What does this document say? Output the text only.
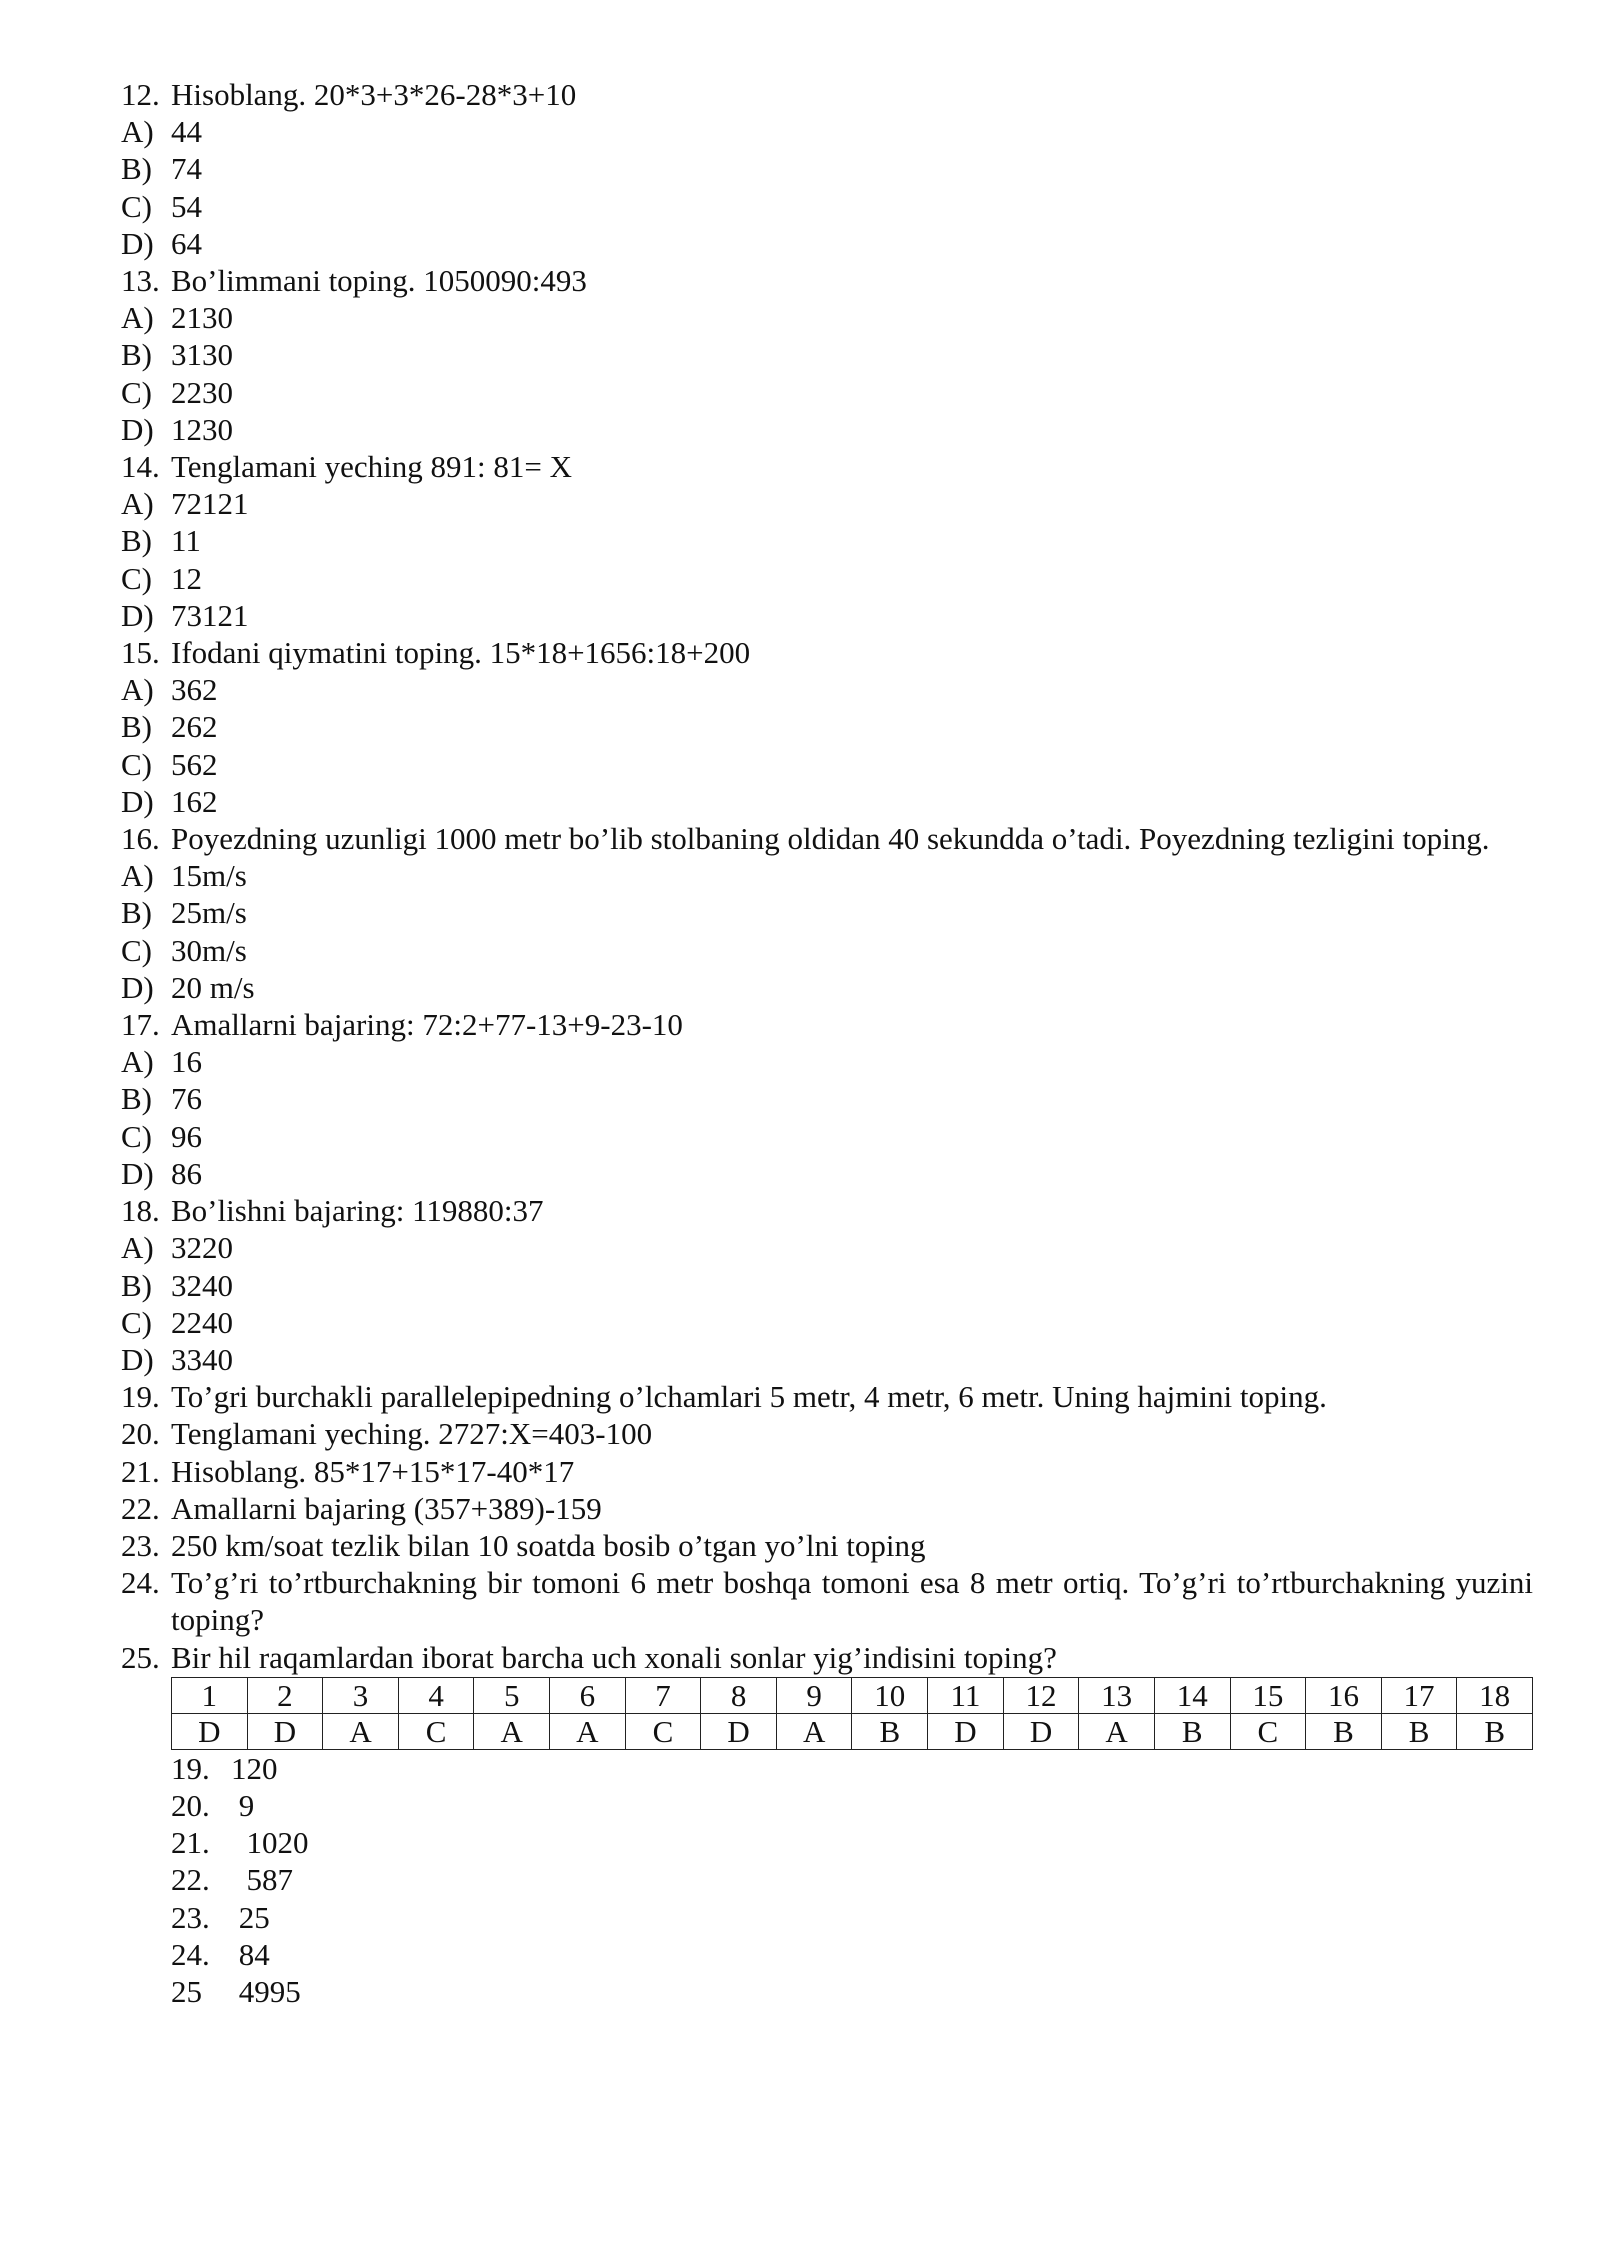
12. Hisoblang. 20*3+3*26-28*3+10
A) 44
B) 74
C) 54
D) 64
13. Bo’limmani toping. 1050090:493
A) 2130
B) 3130
C) 2230
D) 1230
14. Tenglamani yeching 891: 81= X
A) 72121
B) 11
C) 12
D) 73121
15. Ifodani qiymatini toping. 15*18+1656:18+200
A) 362
B) 262
C) 562
D) 162
16. Poyezdning uzunligi 1000 metr bo’lib stolbaning oldidan 40 sekundda o’tadi. Poyezdning tezligini toping.
A) 15m/s
B) 25m/s
C) 30m/s
D) 20 m/s
17. Amallarni bajaring: 72:2+77-13+9-23-10
A) 16
B) 76
C) 96
D) 86
18. Bo’lishni bajaring: 119880:37
A) 3220
B) 3240
C) 2240
D) 3340
19. To’gri burchakli parallelepipedning o’lchamlari 5 metr, 4 metr, 6 metr. Uning hajmini toping.
20. Tenglamani yeching. 2727:X=403-100
21. Hisoblang. 85*17+15*17-40*17
22. Amallarni bajaring (357+389)-159
23. 250 km/soat tezlik bilan 10 soatda bosib o’tgan yo’lni toping
24. To’g’ri to’rtburchakning bir tomoni 6 metr boshqa tomoni esa 8 metr ortiq. To’g’ri to’rtburchakning yuzini toping?
25. Bir hil raqamlardan iborat barcha uch xonali sonlar yig’indisini toping?
1	2	3	4	5	6	7	8	9	10	11	12	13	14	15	16	17	18
D	D	A	C	A	A	C	D	A	B	D	D	A	B	C	B	B	B
19. 120
20. 9
21. 1020
22. 587
23. 25
24. 84
25 4995
